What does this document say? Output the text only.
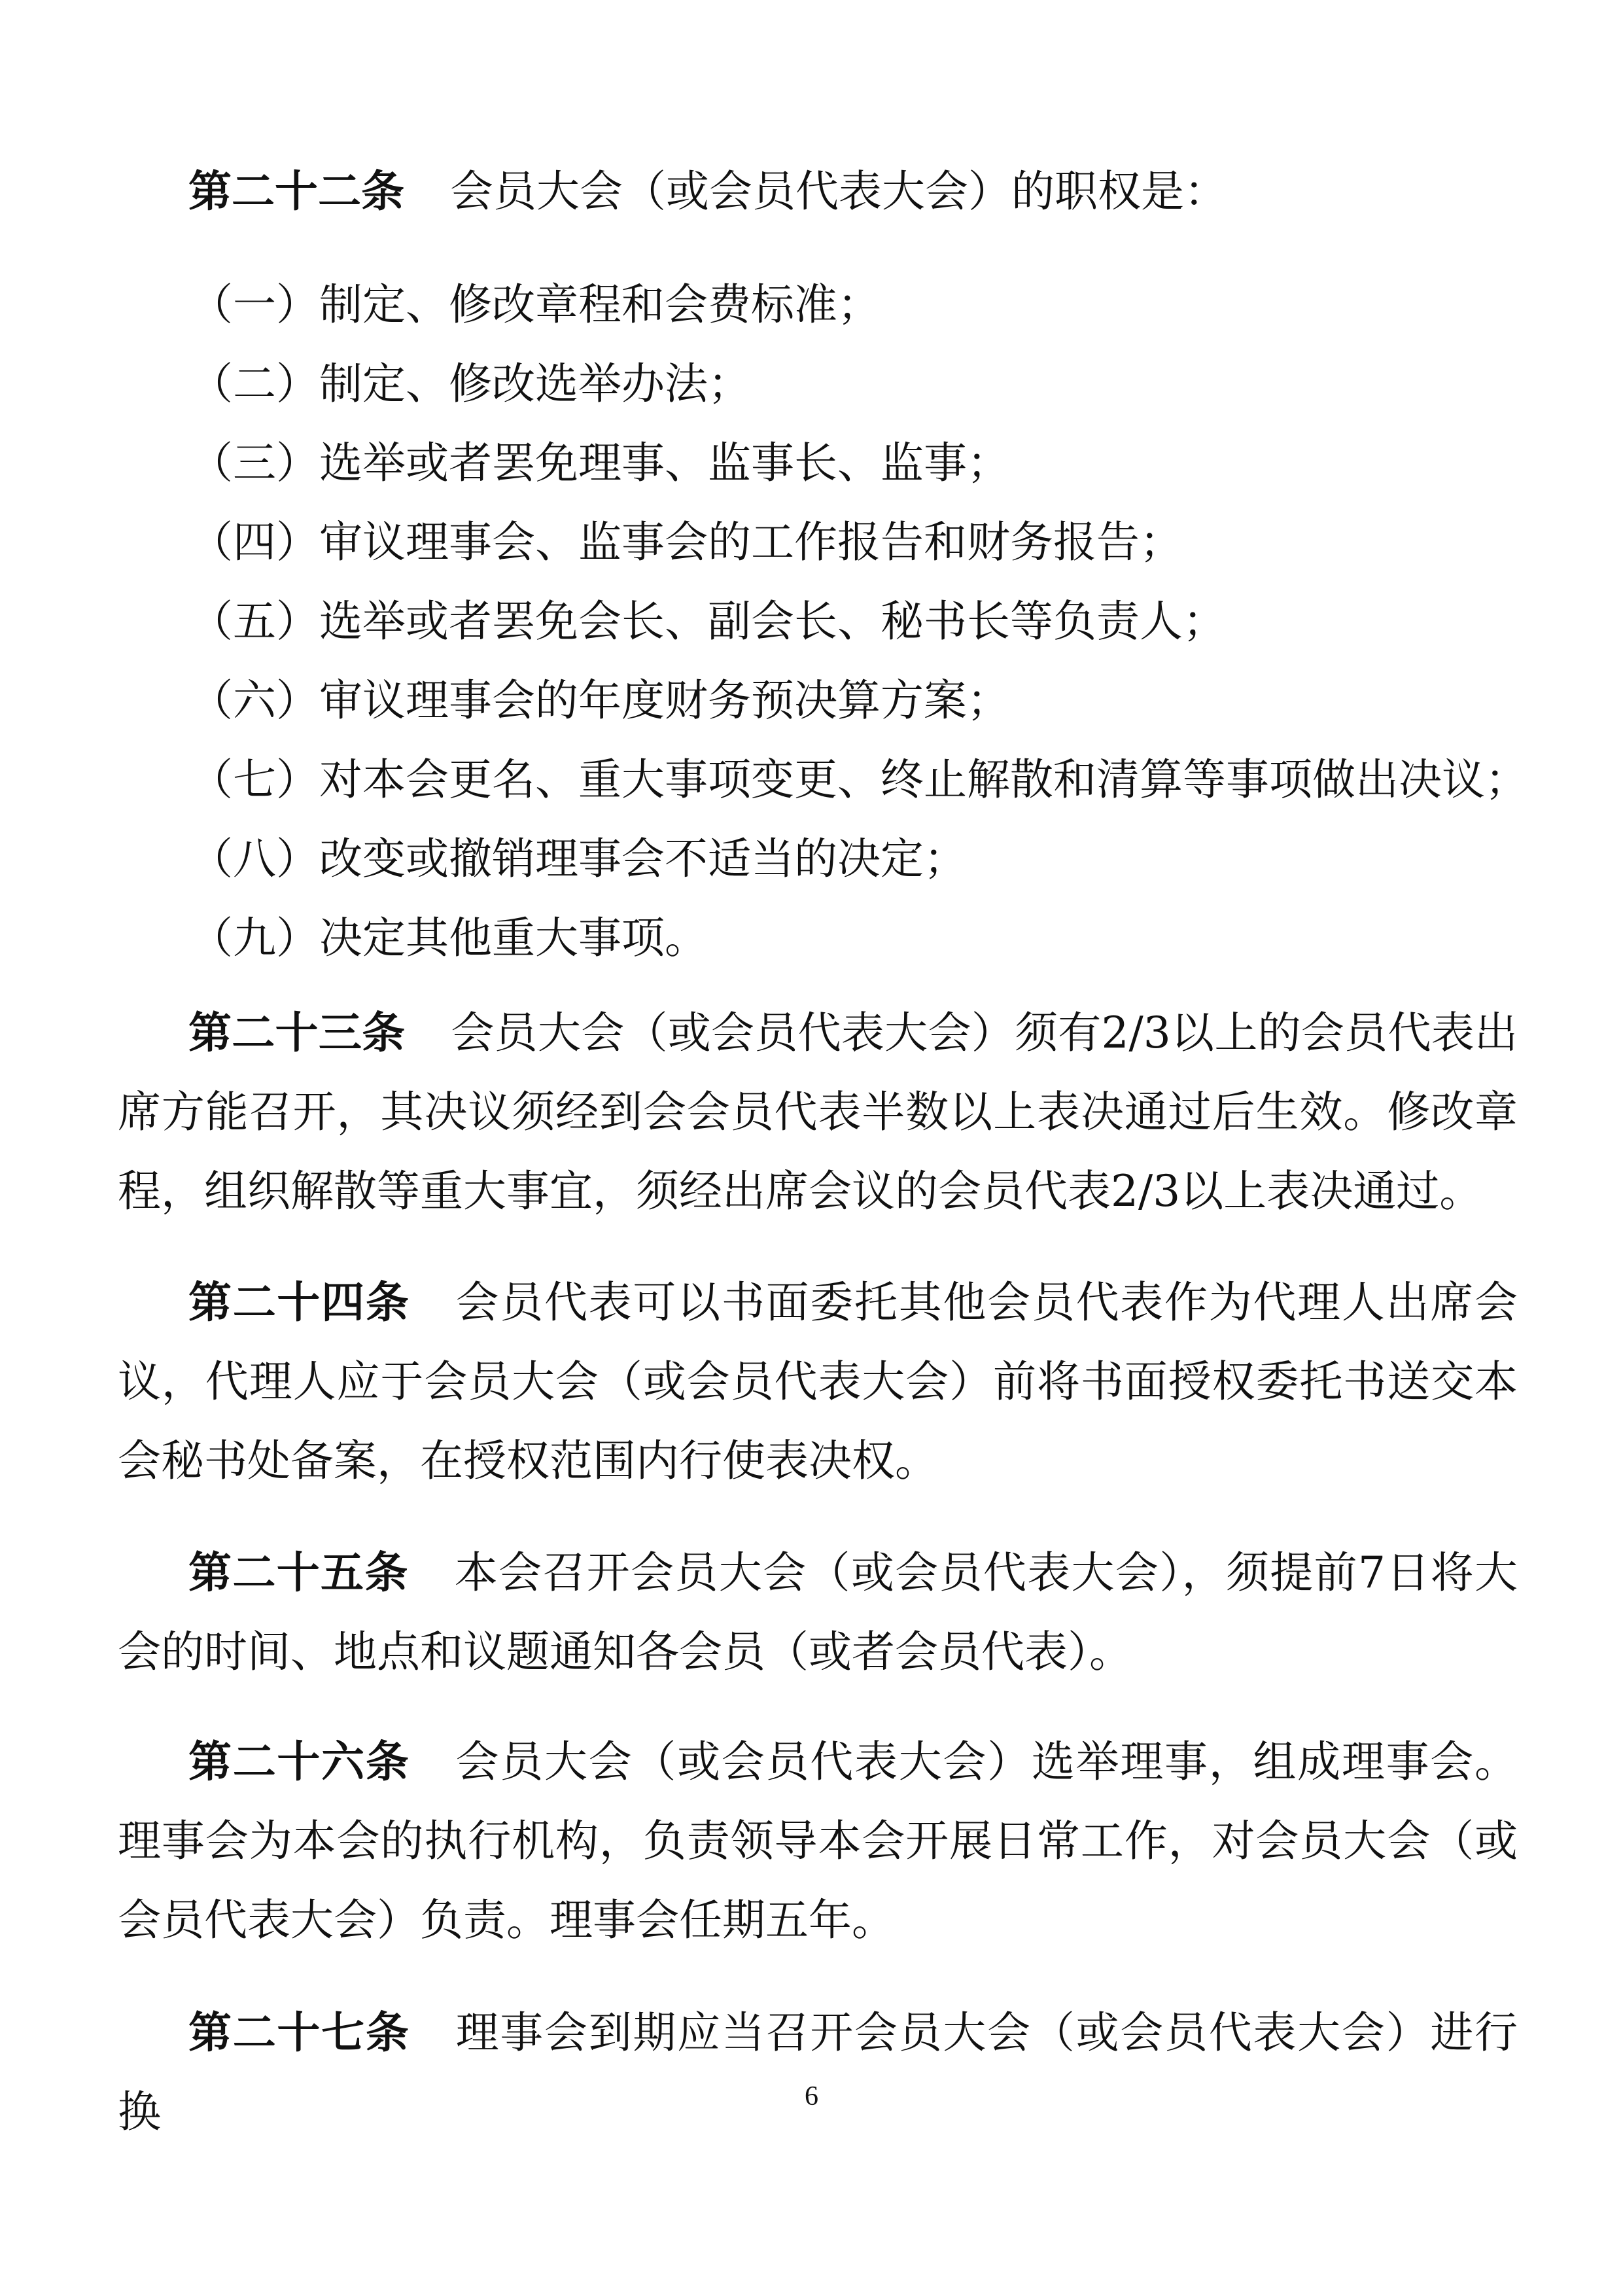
第二十二条 会员大会（或会员代表大会）的职权是：

（一）制定、修改章程和会费标准；
（二）制定、修改选举办法；
（三）选举或者罢免理事、监事长、监事；
（四）审议理事会、监事会的工作报告和财务报告；
（五）选举或者罢免会长、副会长、秘书长等负责人；
（六）审议理事会的年度财务预决算方案；
（七）对本会更名、重大事项变更、终止解散和清算等事项做出决议；
（八）改变或撤销理事会不适当的决定；
（九）决定其他重大事项。

第二十三条 会员大会（或会员代表大会）须有2/3以上的会员代表出席方能召开，其决议须经到会会员代表半数以上表决通过后生效。修改章程，组织解散等重大事宜，须经出席会议的会员代表2/3以上表决通过。

第二十四条 会员代表可以书面委托其他会员代表作为代理人出席会议，代理人应于会员大会（或会员代表大会）前将书面授权委托书送交本会秘书处备案，在授权范围内行使表决权。

第二十五条 本会召开会员大会（或会员代表大会），须提前7日将大会的时间、地点和议题通知各会员（或者会员代表）。

第二十六条 会员大会（或会员代表大会）选举理事，组成理事会。理事会为本会的执行机构，负责领导本会开展日常工作，对会员大会（或会员代表大会）负责。理事会任期五年。

第二十七条 理事会到期应当召开会员大会（或会员代表大会）进行换	6
